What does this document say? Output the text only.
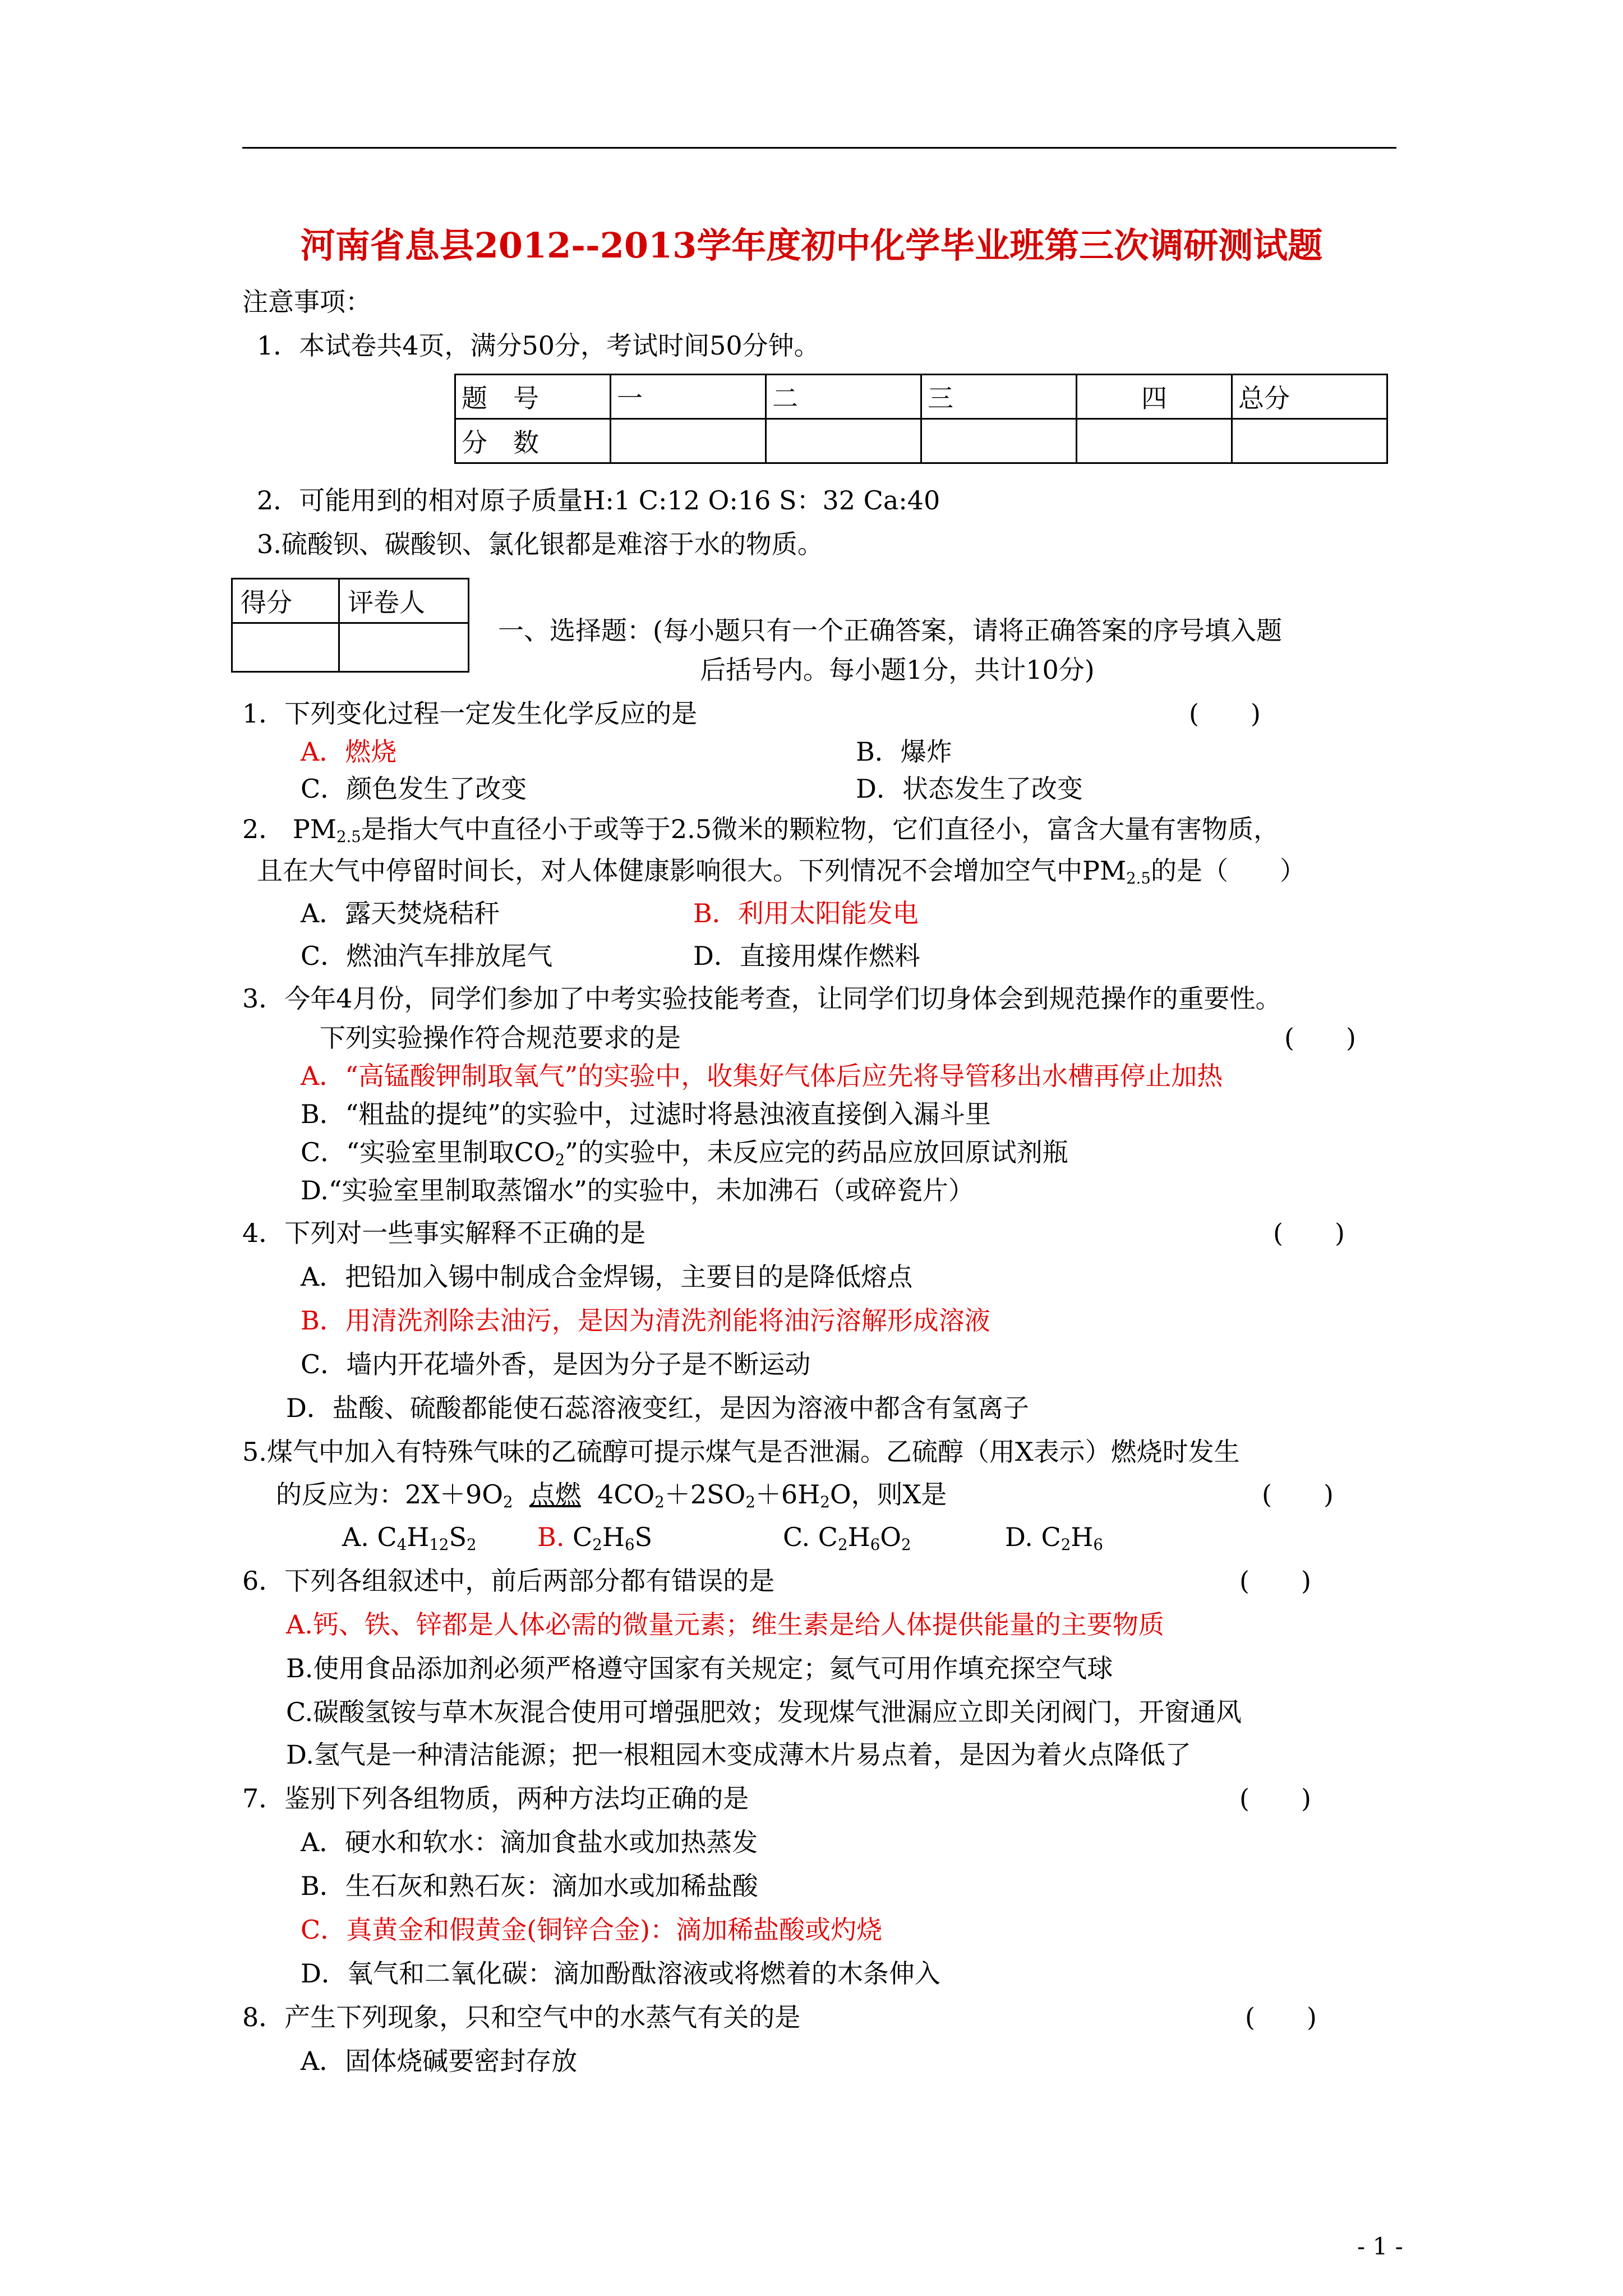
河南省息县2012--2013学年度初中化学毕业班第三次调研测试题
注意事项：
1．本试卷共4页，满分50分，考试时间50分钟。
题　号	一	二	三	四	总分
分　数					
2．可能用到的相对原子质量H:1 C:12 O:16 S：32 Ca:40
3.硫酸钡、碳酸钡、氯化银都是难溶于水的物质。
得分	评卷人

一、选择题：(每小题只有一个正确答案，请将正确答案的序号填入题
后括号内。每小题1分，共计10分)
1．下列变化过程一定发生化学反应的是	(　　)
A．燃烧	B．爆炸
C．颜色发生了改变	D．状态发生了改变
2． $PM_{2.5}$是指大气中直径小于或等于2.5微米的颗粒物，它们直径小，富含大量有害物质，
且在大气中停留时间长，对人体健康影响很大。下列情况不会增加空气中$PM_{2.5}$的是（　　）
A．露天焚烧秸秆	B．利用太阳能发电
C．燃油汽车排放尾气	D．直接用煤作燃料
3．今年4月份，同学们参加了中考实验技能考查，让同学们切身体会到规范操作的重要性。
下列实验操作符合规范要求的是	(　　)
A．“高锰酸钾制取氧气”的实验中，收集好气体后应先将导管移出水槽再停止加热
B．“粗盐的提纯”的实验中，过滤时将悬浊液直接倒入漏斗里
C．“实验室里制取$CO_2$”的实验中，未反应完的药品应放回原试剂瓶
D.“实验室里制取蒸馏水”的实验中，未加沸石（或碎瓷片）
4．下列对一些事实解释不正确的是	(　　)
A．把铅加入锡中制成合金焊锡，主要目的是降低熔点
B．用清洗剂除去油污，是因为清洗剂能将油污溶解形成溶液
C．墙内开花墙外香，是因为分子是不断运动
D．盐酸、硫酸都能使石蕊溶液变红，是因为溶液中都含有氢离子
5.煤气中加入有特殊气味的乙硫醇可提示煤气是否泄漏。乙硫醇（用X表示）燃烧时发生
的反应为：$2X+9O_2$ 点燃 $4CO_2+2SO_2+6H_2O$，则X是	(　　)
A. $C_4H_{12}S_2$ B. $C_2H_6S$	C. $C_2H_6O_2$	D. $C_2H_6$
6．下列各组叙述中，前后两部分都有错误的是	(　　)
A.钙、铁、锌都是人体必需的微量元素；维生素是给人体提供能量的主要物质
B.使用食品添加剂必须严格遵守国家有关规定；氦气可用作填充探空气球
C.碳酸氢铵与草木灰混合使用可增强肥效；发现煤气泄漏应立即关闭阀门，开窗通风
D.氢气是一种清洁能源；把一根粗园木变成薄木片易点着，是因为着火点降低了
7．鉴别下列各组物质，两种方法均正确的是	(　　)
A．硬水和软水：滴加食盐水或加热蒸发
B．生石灰和熟石灰：滴加水或加稀盐酸
C．真黄金和假黄金(铜锌合金)：滴加稀盐酸或灼烧
D．氧气和二氧化碳：滴加酚酞溶液或将燃着的木条伸入
8．产生下列现象，只和空气中的水蒸气有关的是	(　　)
A．固体烧碱要密封存放
- 1 -
